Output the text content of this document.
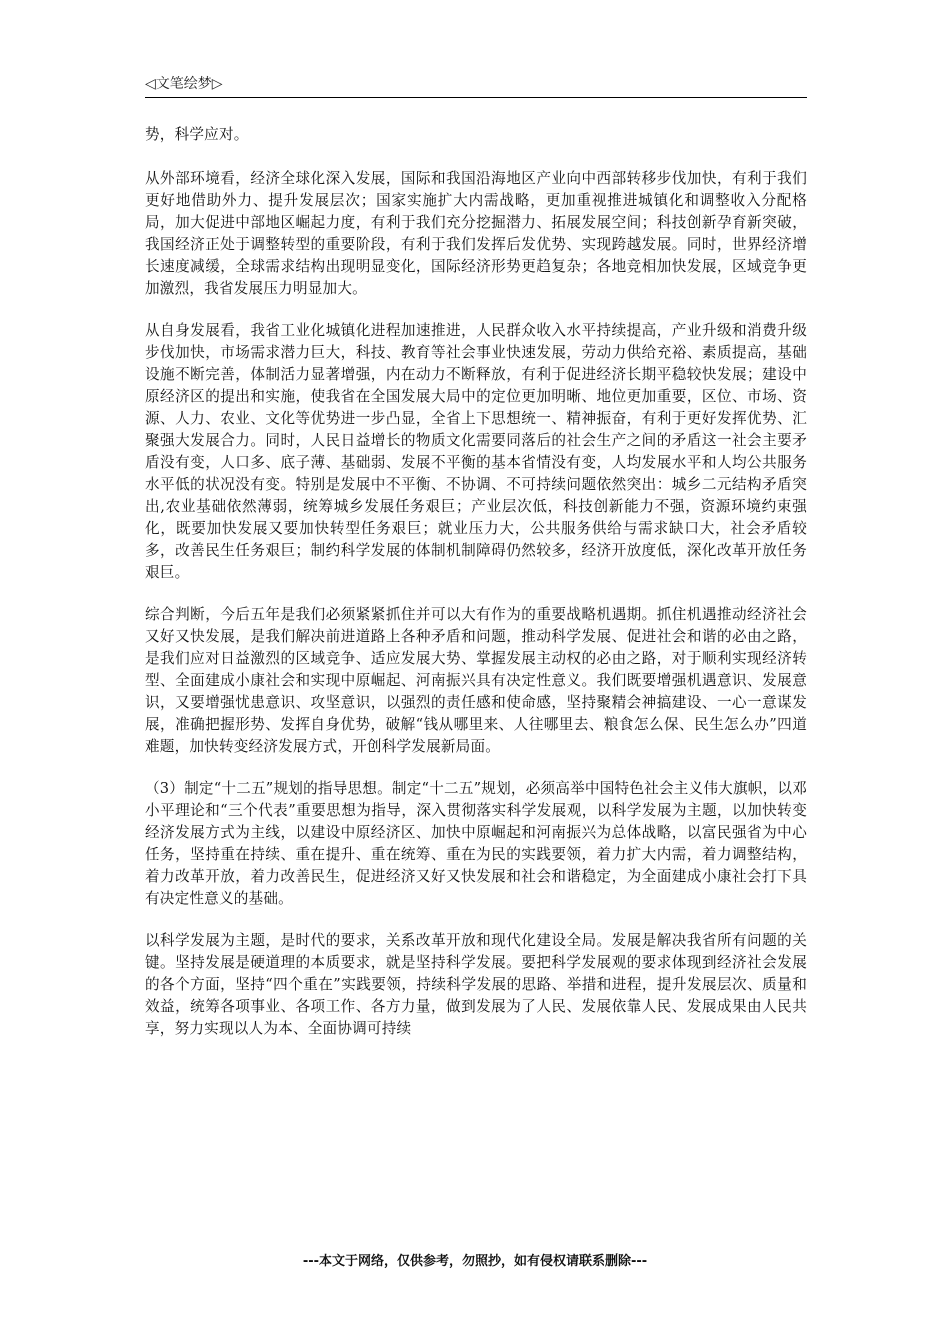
◁文笔绘梦▷

势，科学应对。

从外部环境看，经济全球化深入发展，国际和我国沿海地区产业向中西部转移步伐加快，有利于我们更好地借助外力、提升发展层次；国家实施扩大内需战略，更加重视推进城镇化和调整收入分配格局，加大促进中部地区崛起力度，有利于我们充分挖掘潜力、拓展发展空间；科技创新孕育新突破，我国经济正处于调整转型的重要阶段，有利于我们发挥后发优势、实现跨越发展。同时，世界经济增长速度减缓，全球需求结构出现明显变化，国际经济形势更趋复杂；各地竞相加快发展，区域竞争更加激烈，我省发展压力明显加大。

从自身发展看，我省工业化城镇化进程加速推进，人民群众收入水平持续提高，产业升级和消费升级步伐加快，市场需求潜力巨大，科技、教育等社会事业快速发展，劳动力供给充裕、素质提高，基础设施不断完善，体制活力显著增强，内在动力不断释放，有利于促进经济长期平稳较快发展；建设中原经济区的提出和实施，使我省在全国发展大局中的定位更加明晰、地位更加重要，区位、市场、资源、人力、农业、文化等优势进一步凸显，全省上下思想统一、精神振奋，有利于更好发挥优势、汇聚强大发展合力。同时，人民日益增长的物质文化需要同落后的社会生产之间的矛盾这一社会主要矛盾没有变，人口多、底子薄、基础弱、发展不平衡的基本省情没有变，人均发展水平和人均公共服务水平低的状况没有变。特别是发展中不平衡、不协调、不可持续问题依然突出：城乡二元结构矛盾突出,农业基础依然薄弱，统筹城乡发展任务艰巨；产业层次低，科技创新能力不强，资源环境约束强化，既要加快发展又要加快转型任务艰巨；就业压力大，公共服务供给与需求缺口大，社会矛盾较多，改善民生任务艰巨；制约科学发展的体制机制障碍仍然较多，经济开放度低，深化改革开放任务艰巨。

综合判断，今后五年是我们必须紧紧抓住并可以大有作为的重要战略机遇期。抓住机遇推动经济社会又好又快发展，是我们解决前进道路上各种矛盾和问题，推动科学发展、促进社会和谐的必由之路，是我们应对日益激烈的区域竞争、适应发展大势、掌握发展主动权的必由之路，对于顺利实现经济转型、全面建成小康社会和实现中原崛起、河南振兴具有决定性意义。我们既要增强机遇意识、发展意识，又要增强忧患意识、攻坚意识，以强烈的责任感和使命感，坚持聚精会神搞建设、一心一意谋发展，准确把握形势、发挥自身优势，破解“钱从哪里来、人往哪里去、粮食怎么保、民生怎么办”四道难题，加快转变经济发展方式，开创科学发展新局面。

（3）制定“十二五”规划的指导思想。制定“十二五”规划，必须高举中国特色社会主义伟大旗帜，以邓小平理论和“三个代表”重要思想为指导，深入贯彻落实科学发展观，以科学发展为主题，以加快转变经济发展方式为主线，以建设中原经济区、加快中原崛起和河南振兴为总体战略，以富民强省为中心任务，坚持重在持续、重在提升、重在统筹、重在为民的实践要领，着力扩大内需，着力调整结构，着力改革开放，着力改善民生，促进经济又好又快发展和社会和谐稳定，为全面建成小康社会打下具有决定性意义的基础。

以科学发展为主题，是时代的要求，关系改革开放和现代化建设全局。发展是解决我省所有问题的关键。坚持发展是硬道理的本质要求，就是坚持科学发展。要把科学发展观的要求体现到经济社会发展的各个方面，坚持“四个重在”实践要领，持续科学发展的思路、举措和进程，提升发展层次、质量和效益，统筹各项事业、各项工作、各方力量，做到发展为了人民、发展依靠人民、发展成果由人民共享，努力实现以人为本、全面协调可持续

---本文于网络，仅供参考，勿照抄，如有侵权请联系删除---
